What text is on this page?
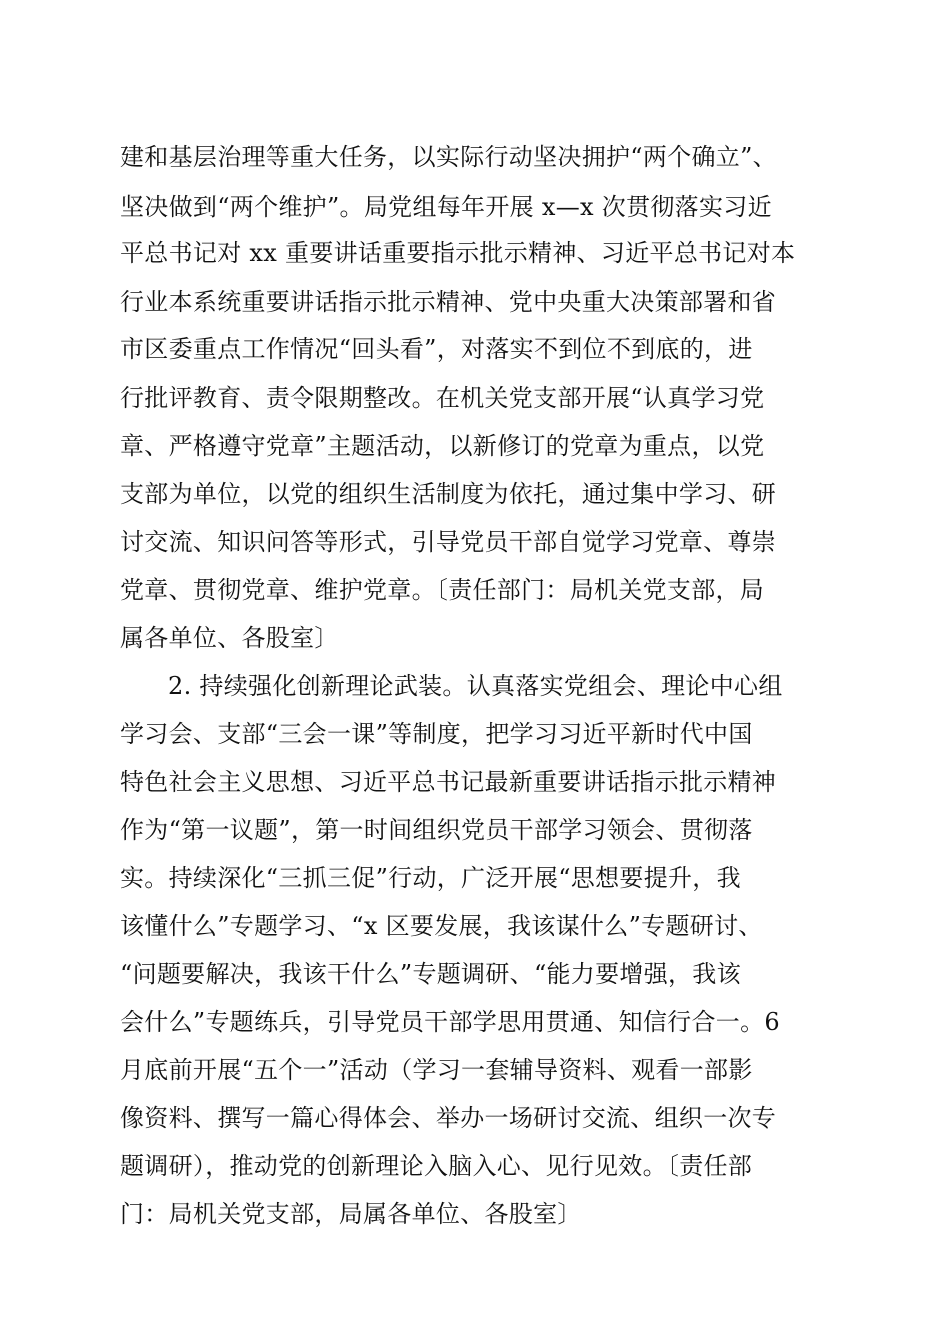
建和基层治理等重大任务，以实际行动坚决拥护“两个确立”、
坚决做到“两个维护”。局党组每年开展 x—x 次贯彻落实习近
平总书记对 xx 重要讲话重要指示批示精神、习近平总书记对本
行业本系统重要讲话指示批示精神、党中央重大决策部署和省
市区委重点工作情况“回头看”，对落实不到位不到底的，进
行批评教育、责令限期整改。在机关党支部开展“认真学习党
章、严格遵守党章”主题活动，以新修订的党章为重点，以党
支部为单位，以党的组织生活制度为依托，通过集中学习、研
讨交流、知识问答等形式，引导党员干部自觉学习党章、尊崇
党章、贯彻党章、维护党章。〔责任部门：局机关党支部，局
属各单位、各股室〕
2. 持续强化创新理论武装。认真落实党组会、理论中心组
学习会、支部“三会一课”等制度，把学习习近平新时代中国
特色社会主义思想、习近平总书记最新重要讲话指示批示精神
作为“第一议题”，第一时间组织党员干部学习领会、贯彻落
实。持续深化“三抓三促”行动，广泛开展“思想要提升，我
该懂什么”专题学习、“x 区要发展，我该谋什么”专题研讨、
“问题要解决，我该干什么”专题调研、“能力要增强，我该
会什么”专题练兵，引导党员干部学思用贯通、知信行合一。6
月底前开展“五个一”活动（学习一套辅导资料、观看一部影
像资料、撰写一篇心得体会、举办一场研讨交流、组织一次专
题调研），推动党的创新理论入脑入心、见行见效。〔责任部
门：局机关党支部，局属各单位、各股室〕
